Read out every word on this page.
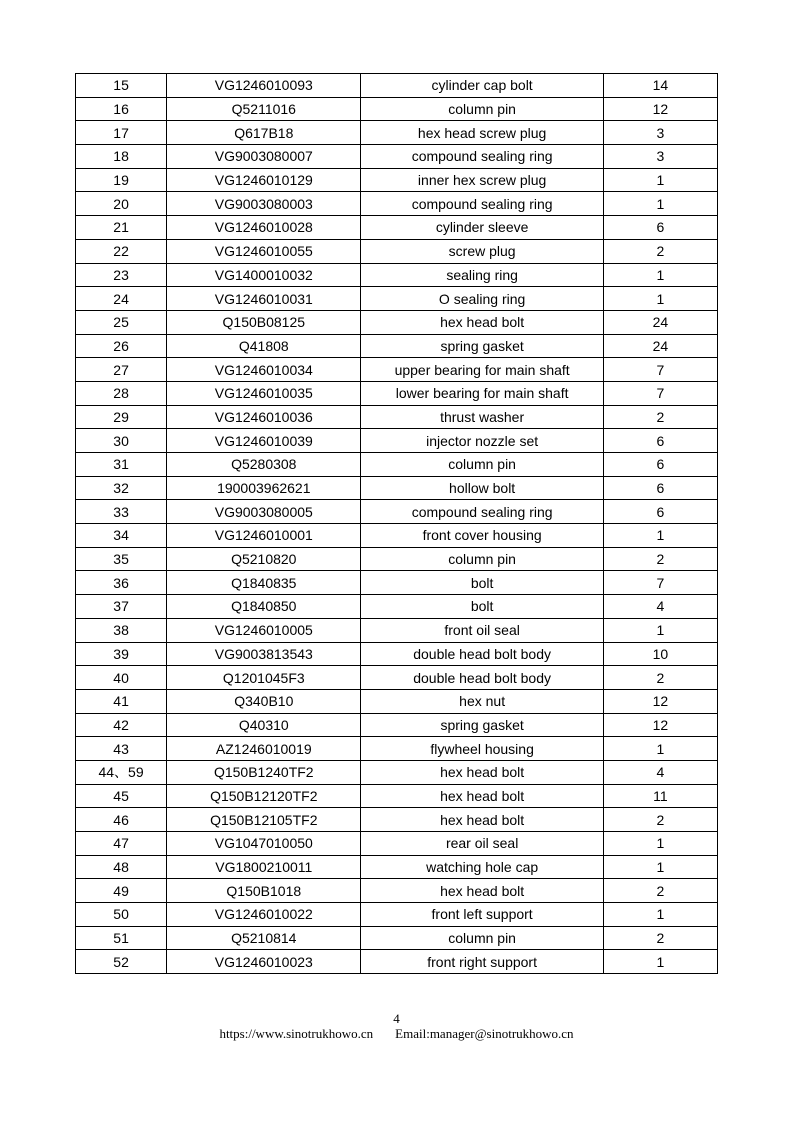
15	VG1246010093	cylinder cap bolt	14
16	Q5211016	column pin	12
17	Q617B18	hex head screw plug	3
18	VG9003080007	compound sealing ring	3
19	VG1246010129	inner hex screw plug	1
20	VG9003080003	compound sealing ring	1
21	VG1246010028	cylinder sleeve	6
22	VG1246010055	screw plug	2
23	VG1400010032	sealing ring	1
24	VG1246010031	O sealing ring	1
25	Q150B08125	hex head bolt	24
26	Q41808	spring gasket	24
27	VG1246010034	upper bearing for main shaft	7
28	VG1246010035	lower bearing for main shaft	7
29	VG1246010036	thrust washer	2
30	VG1246010039	injector nozzle set	6
31	Q5280308	column pin	6
32	190003962621	hollow bolt	6
33	VG9003080005	compound sealing ring	6
34	VG1246010001	front cover housing	1
35	Q5210820	column pin	2
36	Q1840835	bolt	7
37	Q1840850	bolt	4
38	VG1246010005	front oil seal	1
39	VG9003813543	double head bolt body	10
40	Q1201045F3	double head bolt body	2
41	Q340B10	hex nut	12
42	Q40310	spring gasket	12
43	AZ1246010019	flywheel housing	1
44、59	Q150B1240TF2	hex head bolt	4
45	Q150B12120TF2	hex head bolt	11
46	Q150B12105TF2	hex head bolt	2
47	VG1047010050	rear oil seal	1
48	VG1800210011	watching hole cap	1
49	Q150B1018	hex head bolt	2
50	VG1246010022	front left support	1
51	Q5210814	column pin	2
52	VG1246010023	front right support	1
4
https://www.sinotrukhowo.cn Email:manager@sinotrukhowo.cn
